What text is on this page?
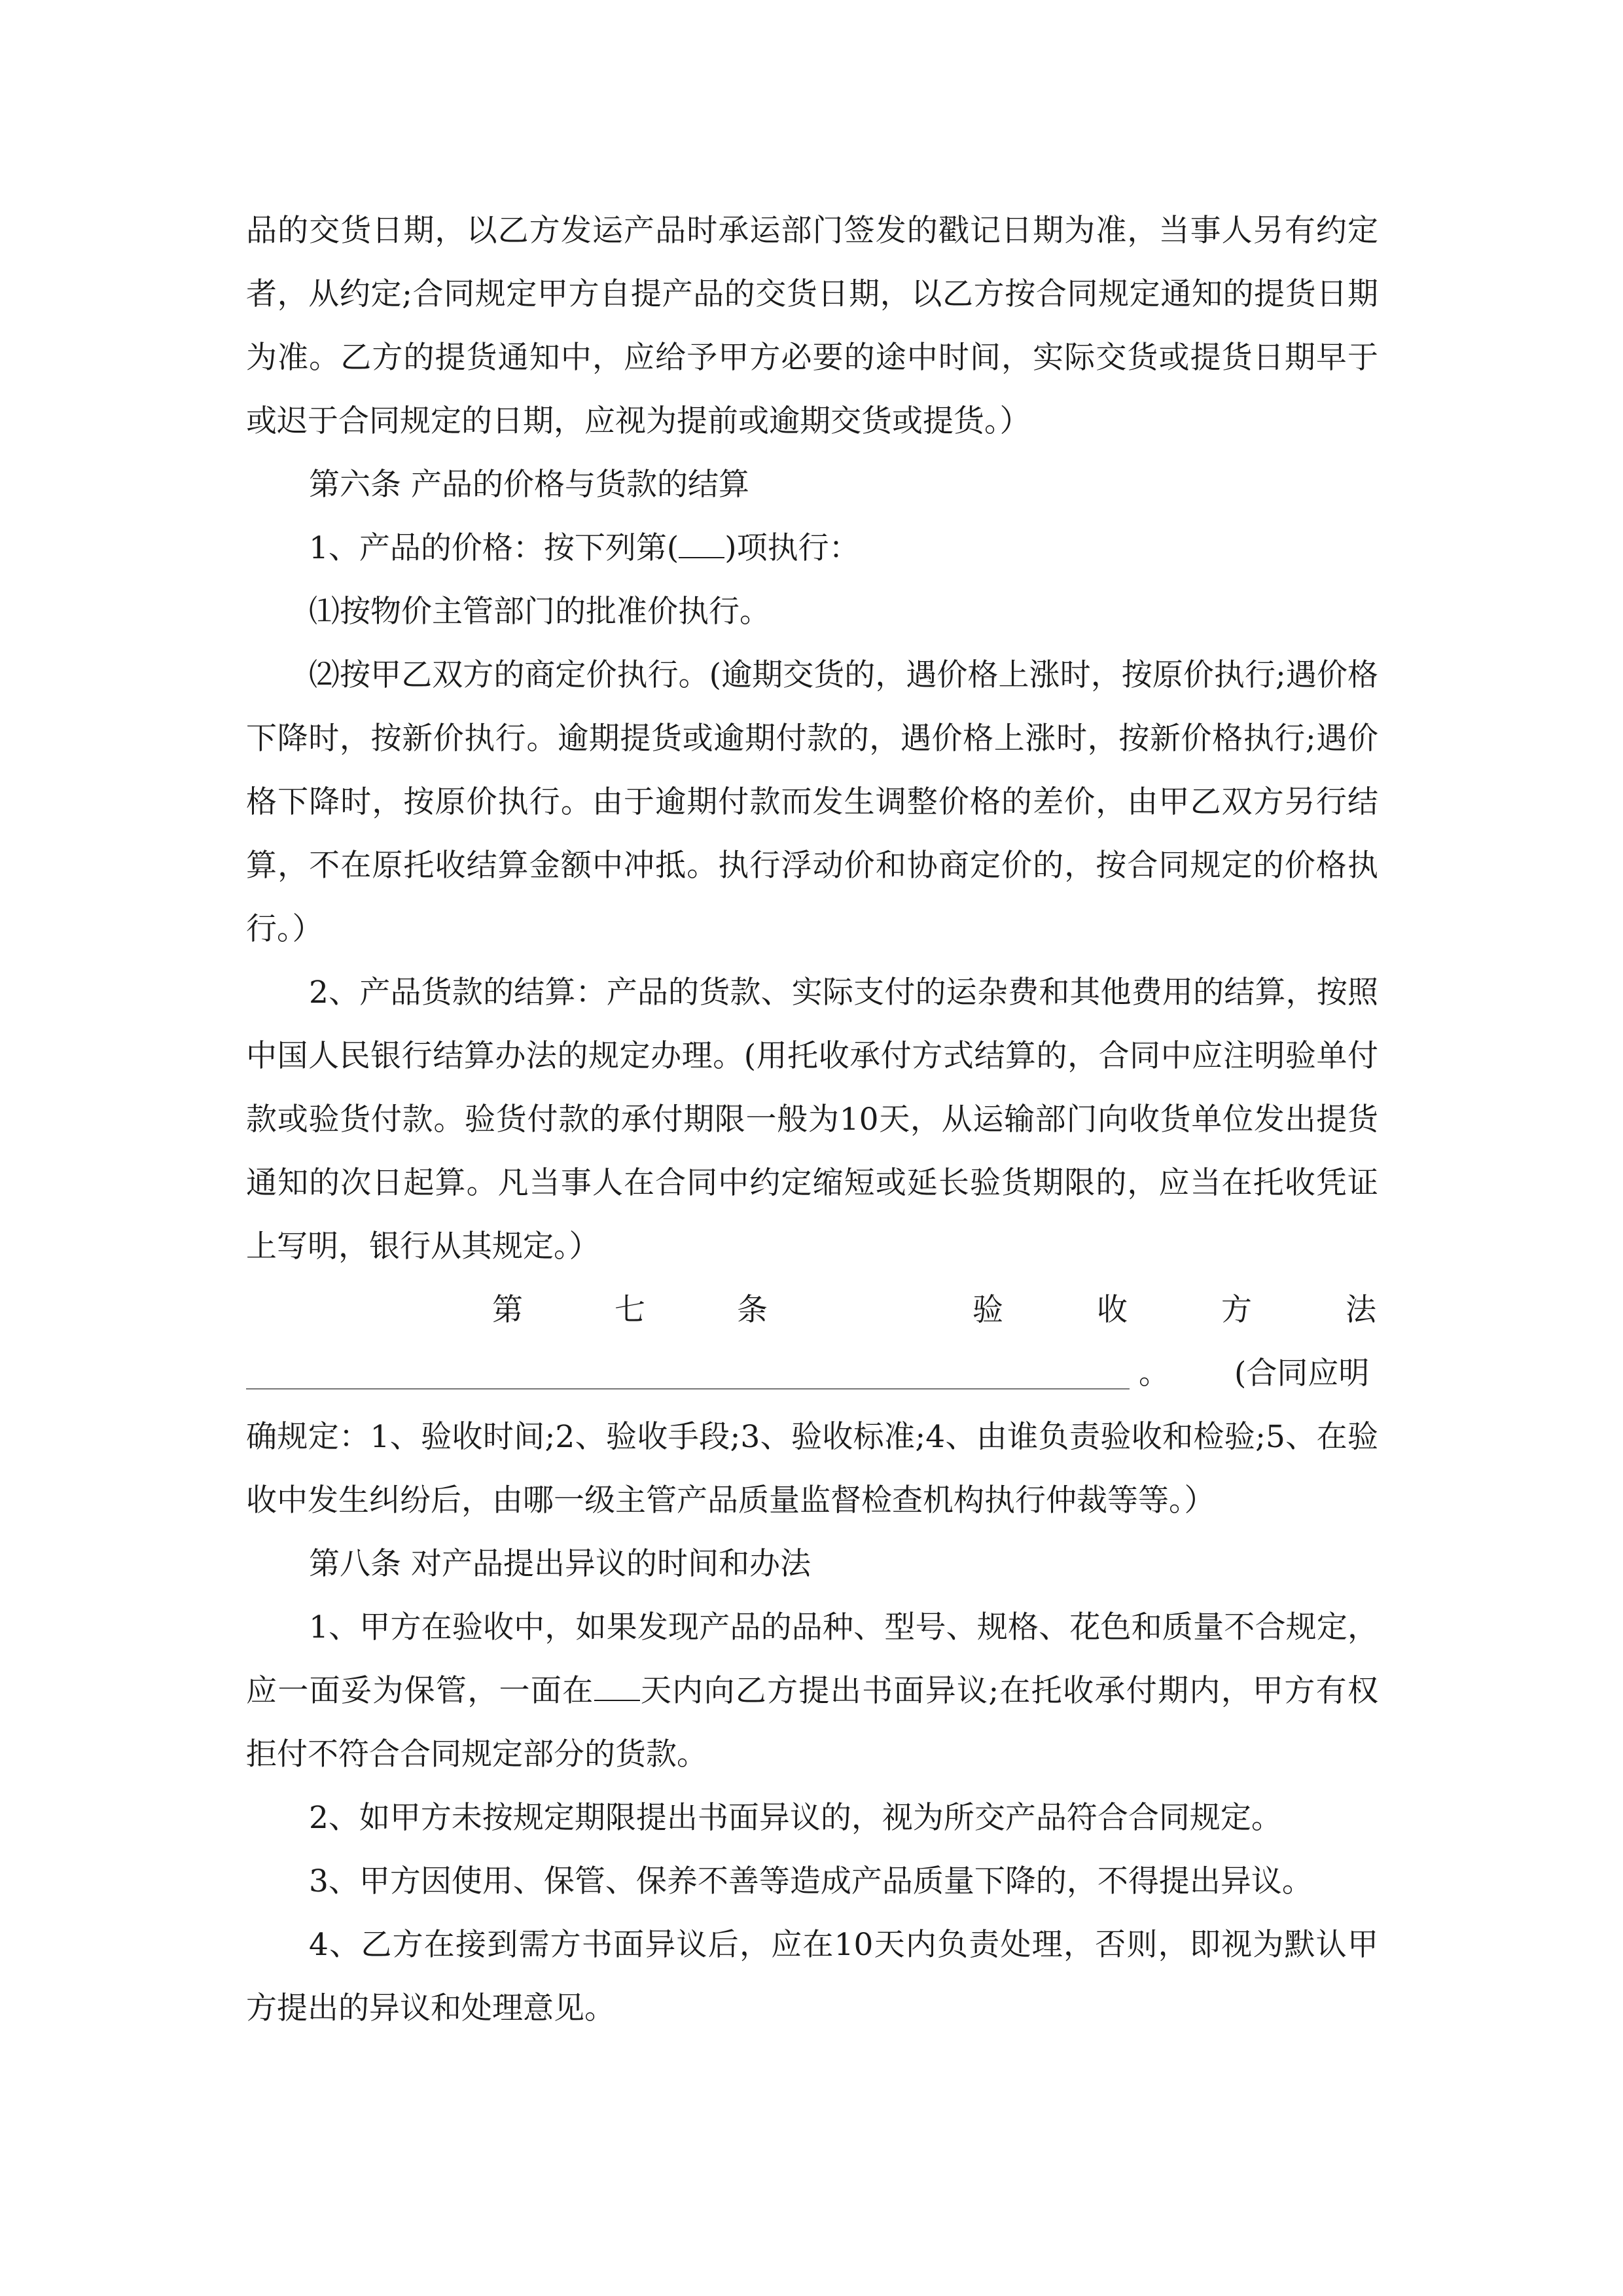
品的交货日期，以乙方发运产品时承运部门签发的戳记日期为准，当事人另有约定者，从约定;合同规定甲方自提产品的交货日期，以乙方按合同规定通知的提货日期为准。乙方的提货通知中，应给予甲方必要的途中时间，实际交货或提货日期早于或迟于合同规定的日期，应视为提前或逾期交货或提货。）

第六条 产品的价格与货款的结算

1、产品的价格：按下列第( )项执行：

⑴按物价主管部门的批准价执行。

⑵按甲乙双方的商定价执行。(逾期交货的，遇价格上涨时，按原价执行;遇价格下降时，按新价执行。逾期提货或逾期付款的，遇价格上涨时，按新价格执行;遇价格下降时，按原价执行。由于逾期付款而发生调整价格的差价，由甲乙双方另行结算，不在原托收结算金额中冲抵。执行浮动价和协商定价的，按合同规定的价格执行。）

2、产品货款的结算：产品的货款、实际支付的运杂费和其他费用的结算，按照中国人民银行结算办法的规定办理。(用托收承付方式结算的，合同中应注明验单付款或验货付款。验货付款的承付期限一般为10天，从运输部门向收货单位发出提货通知的次日起算。凡当事人在合同中约定缩短或延长验货期限的，应当在托收凭证上写明，银行从其规定。）

第	七	条	验	收	方	法
。 (合同应明

确规定：1、验收时间;2、验收手段;3、验收标准;4、由谁负责验收和检验;5、在验收中发生纠纷后，由哪一级主管产品质量监督检查机构执行仲裁等等。）

第八条 对产品提出异议的时间和办法

1、甲方在验收中，如果发现产品的品种、型号、规格、花色和质量不合规定，应一面妥为保管，一面在 天内向乙方提出书面异议;在托收承付期内，甲方有权拒付不符合合同规定部分的货款。

2、如甲方未按规定期限提出书面异议的，视为所交产品符合合同规定。

3、甲方因使用、保管、保养不善等造成产品质量下降的，不得提出异议。

4、乙方在接到需方书面异议后，应在10天内负责处理，否则，即视为默认甲方提出的异议和处理意见。
